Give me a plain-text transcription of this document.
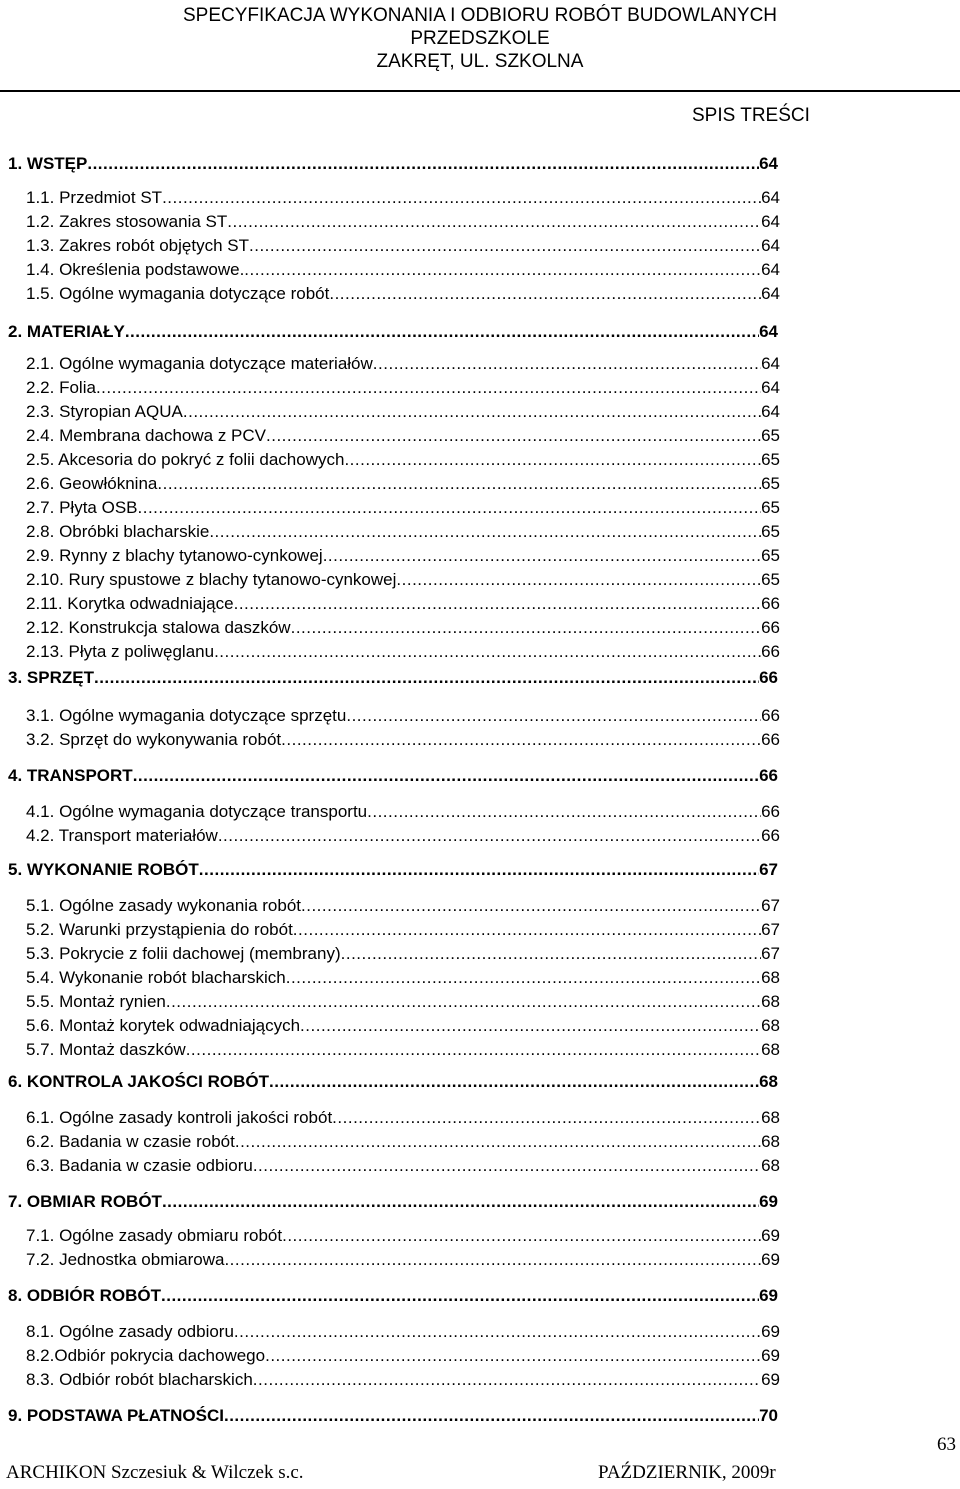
SPECYFIKACJA WYKONANIA I ODBIORU ROBÓT BUDOWLANYCH
PRZEDSZKOLE
ZAKRĘT, UL. SZKOLNA
SPIS TREŚCI
1. WSTĘP .....	64
1.1. Przedmiot ST .....	64
1.2. Zakres stosowania ST .....	64
1.3. Zakres robót objętych ST .....	64
1.4. Określenia podstawowe. .....	64
1.5. Ogólne wymagania dotyczące robót .....	64
2. MATERIAŁY .....	64
2.1. Ogólne wymagania dotyczące materiałów .....	64
2.2. Folia .....	64
2.3. Styropian AQUA .....	64
2.4. Membrana dachowa z PCV .....	65
2.5. Akcesoria do pokryć z folii dachowych .....	65
2.6. Geowłóknina .....	65
2.7. Płyta OSB .....	65
2.8. Obróbki blacharskie .....	65
2.9. Rynny z blachy tytanowo-cynkowej .....	65
2.10. Rury spustowe z blachy tytanowo-cynkowej .....	65
2.11. Korytka odwadniające .....	66
2.12. Konstrukcja stalowa daszków .....	66
2.13. Płyta z poliwęglanu .....	66
3. SPRZĘT .....	66
3.1. Ogólne wymagania dotyczące sprzętu .....	66
3.2. Sprzęt do wykonywania robót .....	66
4. TRANSPORT .....	66
4.1. Ogólne wymagania dotyczące transportu .....	66
4.2. Transport materiałów .....	66
5. WYKONANIE ROBÓT .....	67
5.1. Ogólne zasady wykonania robót .....	67
5.2. Warunki przystąpienia do robót .....	67
5.3. Pokrycie z folii dachowej (membrany) .....	67
5.4. Wykonanie robót blacharskich .....	68
5.5. Montaż rynien .....	68
5.6. Montaż korytek odwadniających .....	68
5.7. Montaż daszków .....	68
6. KONTROLA JAKOŚCI ROBÓT .....	68
6.1. Ogólne zasady kontroli jakości robót .....	68
6.2. Badania w czasie robót .....	68
6.3. Badania w czasie odbioru .....	68
7. OBMIAR ROBÓT .....	69
7.1. Ogólne zasady obmiaru robót .....	69
7.2. Jednostka obmiarowa .....	69
8. ODBIÓR ROBÓT .....	69
8.1. Ogólne zasady odbioru .....	69
8.2.Odbiór pokrycia dachowego .....	69
8.3. Odbiór robót blacharskich .....	69
9. PODSTAWA PŁATNOŚCI .....	70
63
ARCHIKON Szczesiuk & Wilczek s.c.	PAŹDZIERNIK, 2009r
